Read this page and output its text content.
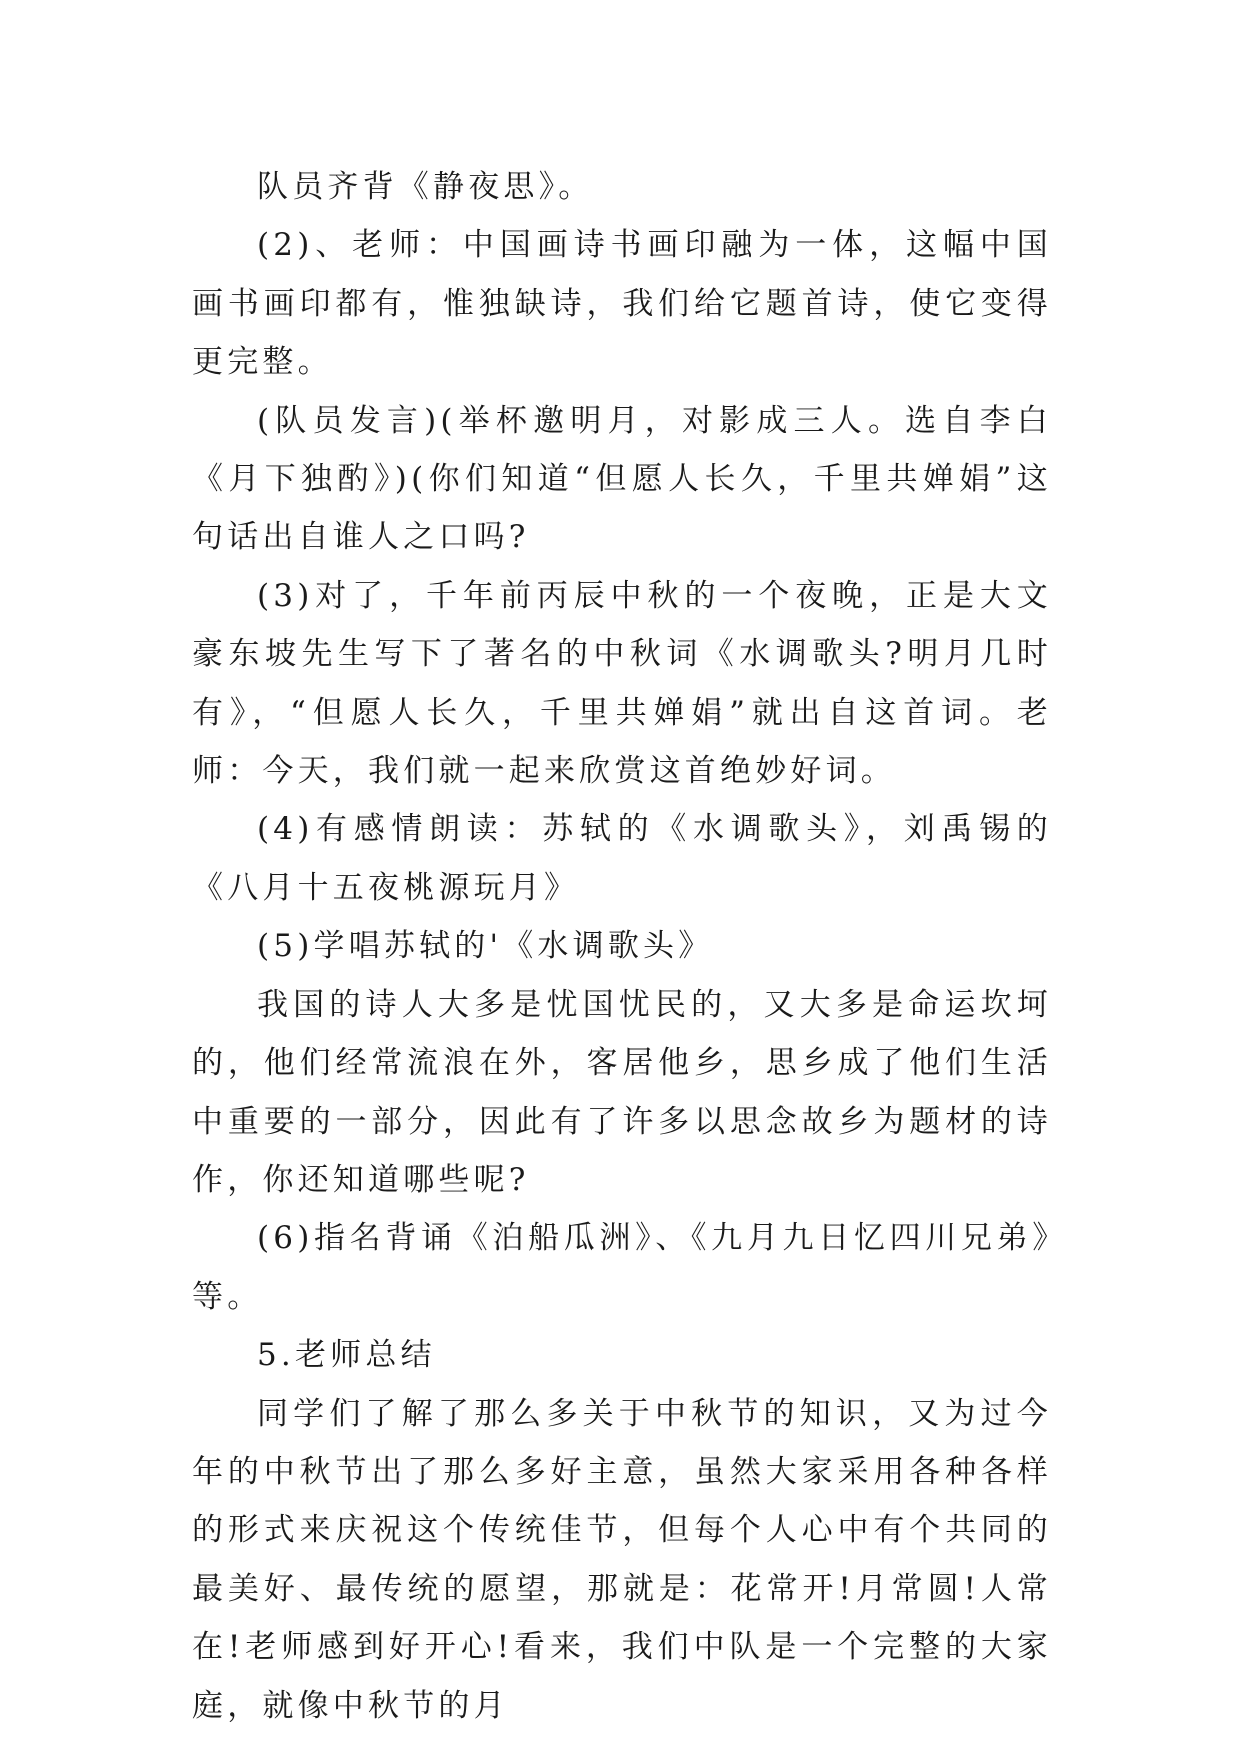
队员齐背《静夜思》。

(2)、老师：中国画诗书画印融为一体，这幅中国画书画印都有，惟独缺诗，我们给它题首诗，使它变得更完整。

(队员发言)(举杯邀明月，对影成三人。选自李白《月下独酌》)(你们知道“但愿人长久，千里共婵娟”这句话出自谁人之口吗?

(3)对了，千年前丙辰中秋的一个夜晚，正是大文豪东坡先生写下了著名的中秋词《水调歌头?明月几时有》，“但愿人长久，千里共婵娟”就出自这首词。老师：今天，我们就一起来欣赏这首绝妙好词。

(4)有感情朗读：苏轼的《水调歌头》，刘禹锡的《八月十五夜桃源玩月》

(5)学唱苏轼的'《水调歌头》

我国的诗人大多是忧国忧民的，又大多是命运坎坷的，他们经常流浪在外，客居他乡，思乡成了他们生活中重要的一部分，因此有了许多以思念故乡为题材的诗作，你还知道哪些呢?

(6)指名背诵《泊船瓜洲》、《九月九日忆四川兄弟》等。

5.老师总结

同学们了解了那么多关于中秋节的知识，又为过今年的中秋节出了那么多好主意，虽然大家采用各种各样的形式来庆祝这个传统佳节，但每个人心中有个共同的最美好、最传统的愿望，那就是：花常开!月常圆!人常在!老师感到好开心!看来，我们中队是一个完整的大家庭，就像中秋节的月
